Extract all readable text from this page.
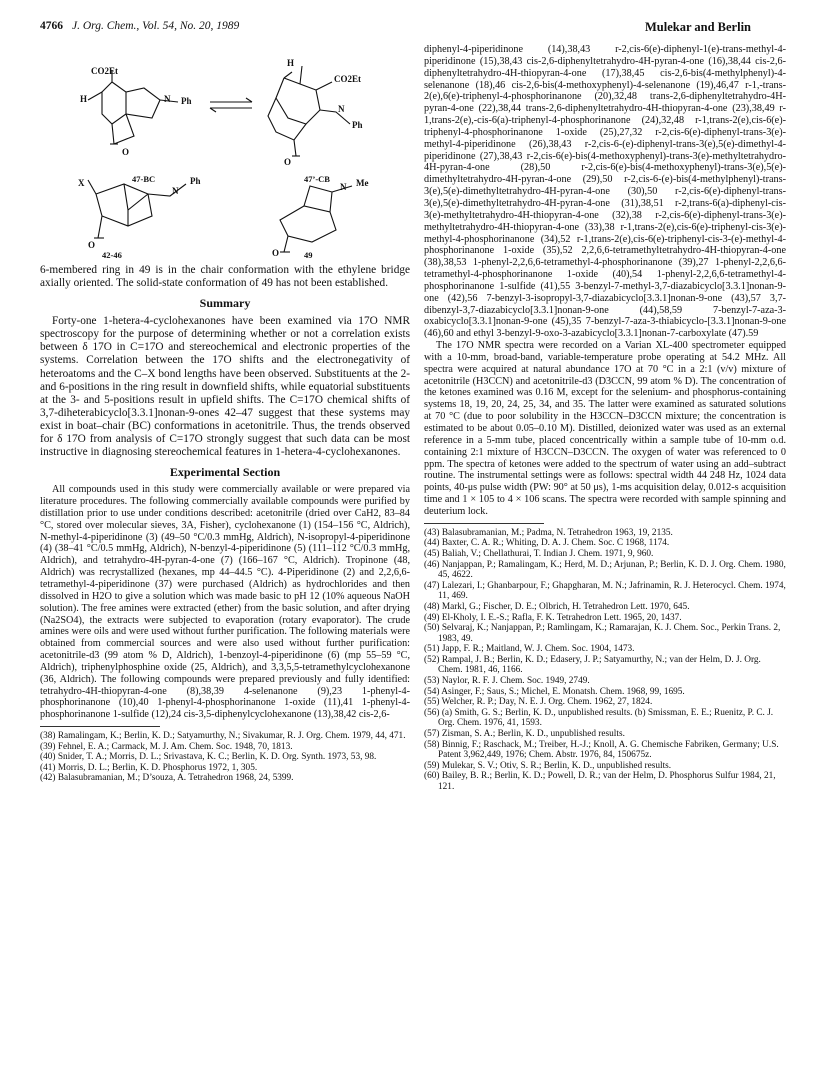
4766 J. Org. Chem., Vol. 54, No. 20, 1989	Mulekar and Berlin
CO2Et
H	N Ph
O
47-BC
H
CO2Et
N
Ph
O
47’-CB
X
N
Ph
O
42-46
N Me
O	49

6-membered ring in 49 is in the chair conformation with the ethylene bridge axially oriented. The solid-state conformation of 49 has not been established.

Summary

Forty-one 1-hetera-4-cyclohexanones have been examined via 17O NMR spectroscopy for the purpose of determining whether or not a correlation exists between δ 17O in C=17O and stereochemical and electronic properties of the systems. Correlation between the 17O shifts and the electronegativity of heteroatoms and the C–X bond lengths have been observed. Substituents at the 2- and 6-positions in the ring result in downfield shifts, while equatorial substituents at the 3- and 5-positions result in upfield shifts. The C=17O chemical shifts of 3,7-diheterabicyclo[3.3.1]nonan-9-ones 42–47 suggest that these systems may exist in boat–chair (BC) conformations in acetonitrile. Thus, the trends observed for δ 17O from analysis of C=17O strongly suggest that such data can be most instructive in diagnosing stereochemical features in 1-hetera-4-cyclohexanones.

Experimental Section

All compounds used in this study were commercially available or were prepared via literature procedures. The following commercially available compounds were purified by distillation prior to use under conditions described: acetonitrile (dried over CaH2, 83–84 °C, stored over molecular sieves, 3A, Fisher), cyclohexanone (1) (154–156 °C, Aldrich), N-methyl-4-piperidinone (3) (49–50 °C/0.3 mmHg, Aldrich), N-isopropyl-4-piperidinone (4) (38–41 °C/0.5 mmHg, Aldrich), N-benzyl-4-piperidinone (5) (111–112 °C/0.3 mmHg, Aldrich), and tetrahydro-4H-pyran-4-one (7) (166–167 °C, Aldrich). Tropinone (48, Aldrich) was recrystallized (hexanes, mp 44–44.5 °C). 4-Piperidinone (2) and 2,2,6,6-tetramethyl-4-piperidinone (37) were purchased (Aldrich) as hydrochlorides and then dissolved in H2O to give a solution which was made basic to pH 12 (10% aqueous NaOH solution). The free amines were extracted (ether) from the basic solution, and after drying (Na2SO4), the extracts were subjected to evaporation (rotary evaporator). The crude amines were oils and were used without further purification. The following materials were obtained from commercial sources and were also used without further purification: acetonitrile-d3 (99 atom % D, Aldrich), 1-benzoyl-4-piperidinone (6) (mp 55–59 °C, Aldrich), triphenylphosphine oxide (25, Aldrich), and 3,3,5,5-tetramethylcyclohexanone (36, Aldrich). The following compounds were prepared previously and fully identified: tetrahydro-4H-thiopyran-4-one (8),38,39 4-selenanone (9),23 1-phenyl-4-phosphorinanone (10),40 1-phenyl-4-phosphorinanone 1-oxide (11),41 1-phenyl-4-phosphorinanone 1-sulfide (12),24 cis-3,5-diphenylcyclohexanone (13),38,42 cis-2,6-

(38) Ramalingam, K.; Berlin, K. D.; Satyamurthy, N.; Sivakumar, R. J. Org. Chem. 1979, 44, 471.
(39) Fehnel, E. A.; Carmack, M. J. Am. Chem. Soc. 1948, 70, 1813.
(40) Snider, T. A.; Morris, D. L.; Srivastava, K. C.; Berlin, K. D. Org. Synth. 1973, 53, 98.
(41) Morris, D. L.; Berlin, K. D. Phosphorus 1972, 1, 305.
(42) Balasubramanian, M.; D’souza, A. Tetrahedron 1968, 24, 5399.

diphenyl-4-piperidinone (14),38,43 r-2,cis-6(e)-diphenyl-1(e)-trans-methyl-4-piperidinone (15),38,43 cis-2,6-diphenyltetrahydro-4H-pyran-4-one (16),38,44 cis-2,6-diphenyltetrahydro-4H-thiopyran-4-one (17),38,45 cis-2,6-bis(4-methylphenyl)-4-selenanone (18),46 cis-2,6-bis(4-methoxyphenyl)-4-selenanone (19),46,47 r-1,-trans-2(e),6(e)-triphenyl-4-phosphorinanone (20),32,48 trans-2,6-diphenyltetrahydro-4H-pyran-4-one (22),38,44 trans-2,6-diphenyltetrahydro-4H-thiopyran-4-one (23),38,49 r-1,trans-2(e),-cis-6(a)-triphenyl-4-phosphorinanone (24),32,48 r-1,trans-2(e),cis-6(e)-triphenyl-4-phosphorinanone 1-oxide (25),27,32 r-2,cis-6(e)-diphenyl-trans-3(e)-methyl-4-piperidinone (26),38,43 r-2,cis-6-(e)-diphenyl-trans-3(e),5(e)-dimethyl-4-piperidinone (27),38,43 r-2,cis-6(e)-bis(4-methoxyphenyl)-trans-3(e)-methyltetrahydro-4H-pyran-4-one (28),50 r-2,cis-6(e)-bis(4-methoxyphenyl)-trans-3(e),5(e)-dimethyltetrahydro-4H-pyran-4-one (29),50 r-2,cis-6-(e)-bis(4-methylphenyl)-trans-3(e),5(e)-dimethyltetrahydro-4H-pyran-4-one (30),50 r-2,cis-6(e)-diphenyl-trans-3(e),5(e)-dimethyltetrahydro-4H-pyran-4-one (31),38,51 r-2,trans-6(a)-diphenyl-cis-3(e)-methyltetrahydro-4H-thiopyran-4-one (32),38 r-2,cis-6(e)-diphenyl-trans-3(e)-methyltetrahydro-4H-thiopyran-4-one (33),38 r-1,trans-2(e),cis-6(e)-triphenyl-cis-3(e)-methyl-4-phosphorinanone (34),52 r-1,trans-2(e),cis-6(e)-triphenyl-cis-3-(e)-methyl-4-phosphorinanone 1-oxide (35),52 2,2,6,6-tetramethyltetrahydro-4H-thiopyran-4-one (38),38,53 1-phenyl-2,2,6,6-tetramethyl-4-phosphorinanone (39),27 1-phenyl-2,2,6,6-tetramethyl-4-phosphorinanone 1-oxide (40),54 1-phenyl-2,2,6,6-tetramethyl-4-phosphorinanone 1-sulfide (41),55 3-benzyl-7-methyl-3,7-diazabicyclo[3.3.1]nonan-9-one (42),56 7-benzyl-3-isopropyl-3,7-diazabicyclo[3.3.1]nonan-9-one (43),57 3,7-dibenzyl-3,7-diazabicyclo[3.3.1]nonan-9-one (44),58,59 7-benzyl-7-aza-3-oxabicyclo[3.3.1]nonan-9-one (45),35 7-benzyl-7-aza-3-thiabicyclo-[3.3.1]nonan-9-one (46),60 and ethyl 3-benzyl-9-oxo-3-azabicyclo[3.3.1]nonan-7-carboxylate (47).59

The 17O NMR spectra were recorded on a Varian XL-400 spectrometer equipped with a 10-mm, broad-band, variable-temperature probe operating at 54.2 MHz. All spectra were acquired at natural abundance 17O at 70 °C in a 2:1 (v/v) mixture of acetonitrile (H3CCN) and acetonitrile-d3 (D3CCN, 99 atom % D). The concentration of the ketones examined was 0.16 M, except for the selenium- and phosphorus-containing systems 18, 19, 20, 24, 25, 34, and 35. The latter were examined as saturated solutions at 70 °C (due to poor solubility in the H3CCN–D3CCN mixture; the concentration is estimated to be about 0.05–0.10 M). Distilled, deionized water was used as an external reference in a 5-mm tube, placed concentrically within a sample tube of 10-mm o.d. containing 2:1 mixture of H3CCN–D3CCN. The oxygen of water was referenced to 0 ppm. The spectra of ketones were added to the spectrum of water using an add–subtract routine. The instrumental settings were as follows: spectral width 44 248 Hz, 1024 data points, 40-μs pulse width (PW: 90° at 50 μs), 1-ms acquisition delay, 0.012-s acquisition time and 1 × 105 to 4 × 106 scans. The spectra were recorded with sample spinning and deuterium lock.

(43) Balasubramanian, M.; Padma, N. Tetrahedron 1963, 19, 2135.
(44) Baxter, C. A. R.; Whiting, D. A. J. Chem. Soc. C 1968, 1174.
(45) Baliah, V.; Chellathurai, T. Indian J. Chem. 1971, 9, 960.
(46) Nanjappan, P.; Ramalingam, K.; Herd, M. D.; Arjunan, P.; Berlin, K. D. J. Org. Chem. 1980, 45, 4622.
(47) Lalezari, I.; Ghanbarpour, F.; Ghapgharan, M. N.; Jafrinamin, R. J. Heterocycl. Chem. 1974, 11, 469.
(48) Markl, G.; Fischer, D. E.; Olbrich, H. Tetrahedron Lett. 1970, 645.
(49) El-Kholy, I. E.-S.; Rafla, F. K. Tetrahedron Lett. 1965, 20, 1437.
(50) Selvaraj, K.; Nanjappan, P.; Ramlingam, K.; Ramarajan, K. J. Chem. Soc., Perkin Trans. 2, 1983, 49.
(51) Japp, F. R.; Maitland, W. J. Chem. Soc. 1904, 1473.
(52) Rampal, J. B.; Berlin, K. D.; Edasery, J. P.; Satyamurthy, N.; van der Helm, D. J. Org. Chem. 1981, 46, 1166.
(53) Naylor, R. F. J. Chem. Soc. 1949, 2749.
(54) Asinger, F.; Saus, S.; Michel, E. Monatsh. Chem. 1968, 99, 1695.
(55) Welcher, R. P.; Day, N. E. J. Org. Chem. 1962, 27, 1824.
(56) (a) Smith, G. S.; Berlin, K. D., unpublished results. (b) Smissman, E. E.; Ruenitz, P. C. J. Org. Chem. 1976, 41, 1593.
(57) Zisman, S. A.; Berlin, K. D., unpublished results.
(58) Binnig, F.; Raschack, M.; Treiber, H.-J.; Knoll, A. G. Chemische Fabriken, Germany; U.S. Patent 3,962,449, 1976; Chem. Abstr. 1976, 84, 150675z.
(59) Mulekar, S. V.; Otiv, S. R.; Berlin, K. D., unpublished results.
(60) Bailey, B. R.; Berlin, K. D.; Powell, D. R.; van der Helm, D. Phosphorus Sulfur 1984, 21, 121.
